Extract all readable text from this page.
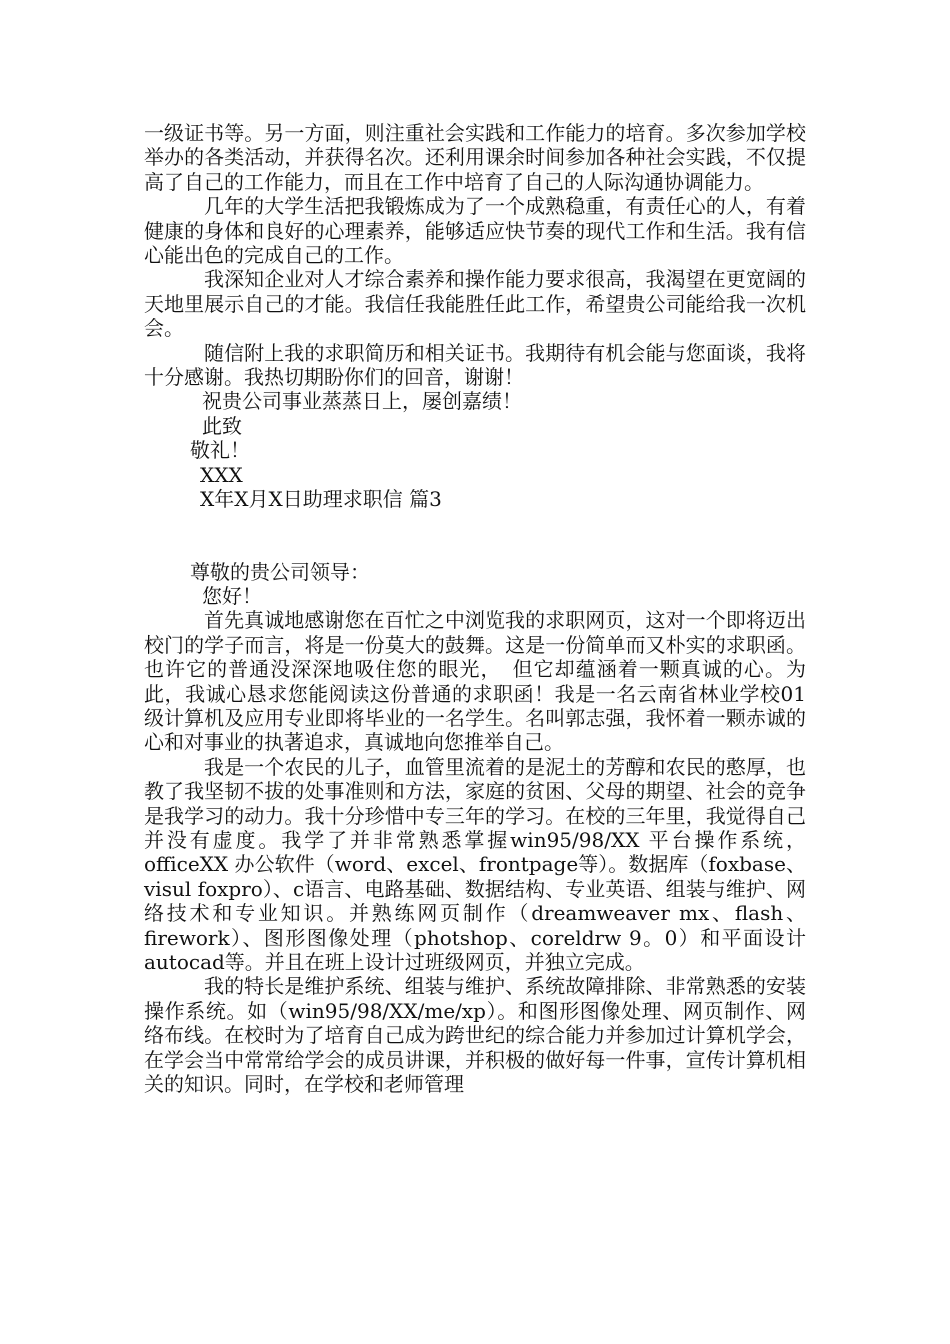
一级证书等。另一方面，则注重社会实践和工作能力的培育。多次参加学校举办的各类活动，并获得名次。还利用课余时间参加各种社会实践，不仅提高了自己的工作能力，而且在工作中培育了自己的人际沟通协调能力。

几年的大学生活把我锻炼成为了一个成熟稳重，有责任心的人，有着健康的身体和良好的心理素养，能够适应快节奏的现代工作和生活。我有信心能出色的完成自己的工作。

我深知企业对人才综合素养和操作能力要求很高，我渴望在更宽阔的天地里展示自己的才能。我信任我能胜任此工作，希望贵公司能给我一次机会。

随信附上我的求职简历和相关证书。我期待有机会能与您面谈，我将十分感谢。我热切期盼你们的回音，谢谢！

祝贵公司事业蒸蒸日上，屡创嘉绩！

此致

敬礼！

XXX

X年X月X日助理求职信 篇3

尊敬的贵公司领导：

您好！

首先真诚地感谢您在百忙之中浏览我的求职网页，这对一个即将迈出校门的学子而言，将是一份莫大的鼓舞。这是一份简单而又朴实的求职函。也许它的普通没深深地吸住您的眼光，　但它却蕴涵着一颗真诚的心。为此，我诚心恳求您能阅读这份普通的求职函！我是一名云南省林业学校01级计算机及应用专业即将毕业的一名学生。名叫郭志强，我怀着一颗赤诚的心和对事业的执著追求，真诚地向您推举自己。

我是一个农民的儿子，血管里流着的是泥土的芳醇和农民的憨厚，也教了我坚韧不拔的处事准则和方法，家庭的贫困、父母的期望、社会的竞争是我学习的动力。我十分珍惜中专三年的学习。在校的三年里，我觉得自己并没有虚度。我学了并非常熟悉掌握win95/98/XX 平台操作系统，officeXX 办公软件（word、excel、frontpage等）。数据库（foxbase、visul foxpro）、c语言、电路基础、数据结构、专业英语、组装与维护、网络技术和专业知识。并熟练网页制作（dreamweaver mx、flash、firework）、图形图像处理（photshop、coreldrw 9。0）和平面设计autocad等。并且在班上设计过班级网页，并独立完成。

我的特长是维护系统、组装与维护、系统故障排除、非常熟悉的安装操作系统。如（win95/98/XX/me/xp）。和图形图像处理、网页制作、网络布线。在校时为了培育自己成为跨世纪的综合能力并参加过计算机学会，在学会当中常常给学会的成员讲课，并积极的做好每一件事，宣传计算机相关的知识。同时，在学校和老师管理
